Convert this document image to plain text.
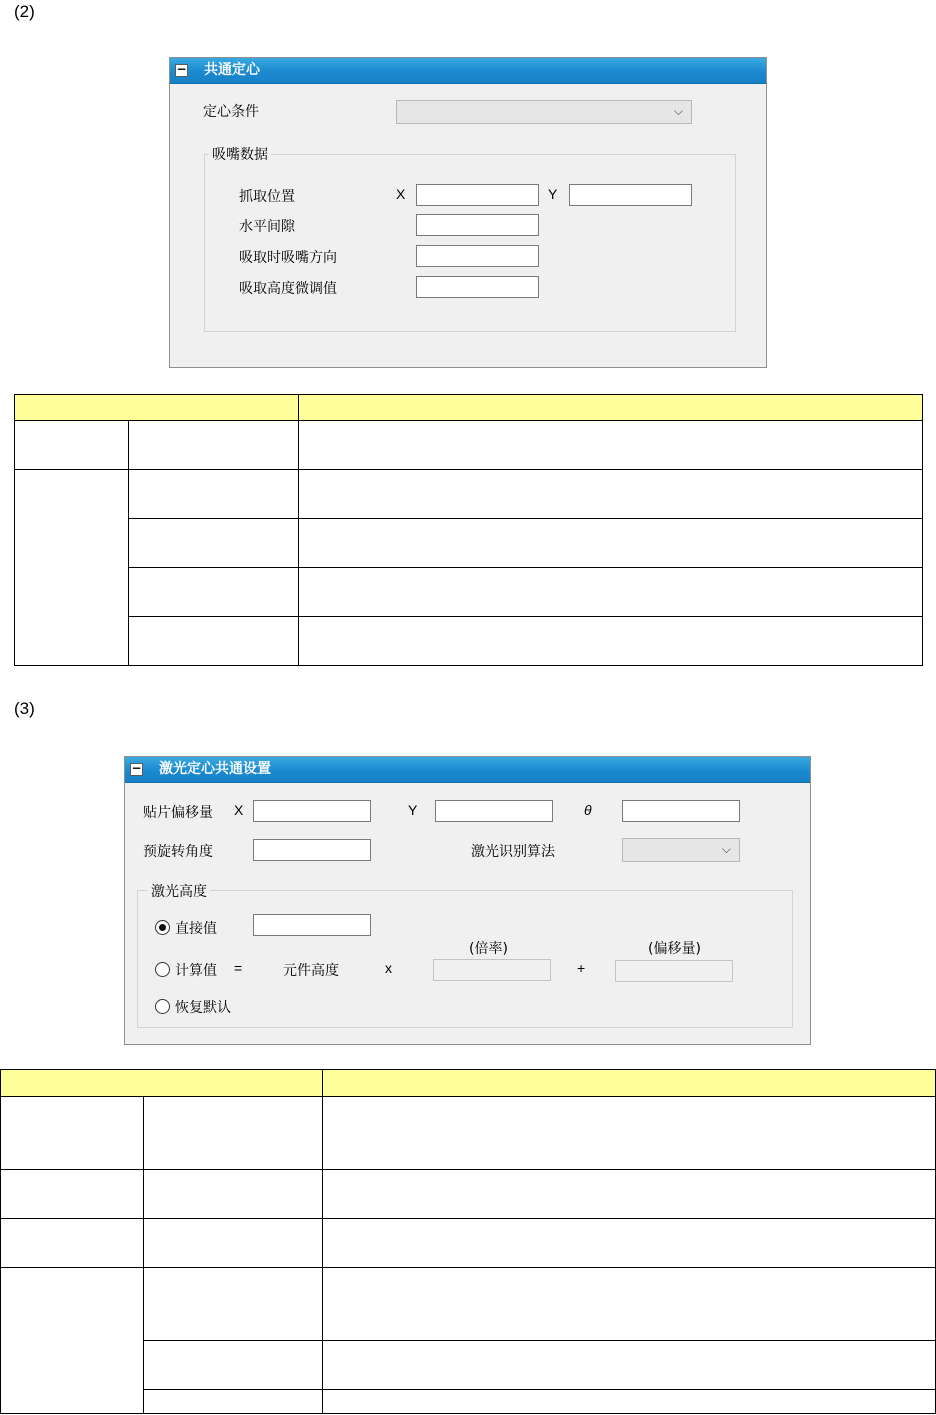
(2)
− 共通定心
定心条件	⌵
吸嘴数据
抓取位置	X	Y
水平间隙
吸取时吸嘴方向
吸取高度微调值

(3)
− 激光定心共通设置
贴片偏移量 X	Y	θ
预旋转角度	激光识别算法	⌵
激光高度
直接值
(倍率)	(偏移量)
计算值 =	元件高度	x	+
恢复默认
